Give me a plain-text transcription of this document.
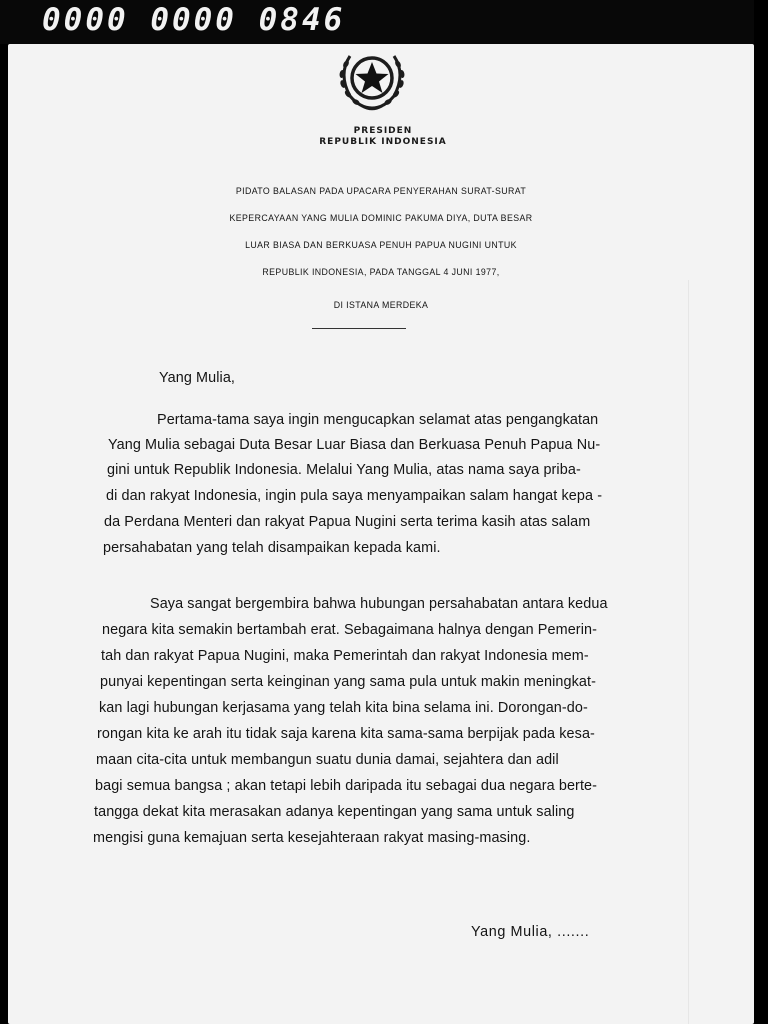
0000 0000 0846
PRESIDEN
REPUBLIK INDONESIA
PIDATO BALASAN PADA UPACARA PENYERAHAN SURAT-SURAT
KEPERCAYAAN YANG MULIA DOMINIC PAKUMA DIYA, DUTA BESAR
LUAR BIASA DAN BERKUASA PENUH PAPUA NUGINI UNTUK
REPUBLIK INDONESIA, PADA TANGGAL 4 JUNI 1977,
DI ISTANA MERDEKA
Yang Mulia,
Pertama-tama saya ingin mengucapkan selamat atas pengangkatan
Yang Mulia sebagai Duta Besar Luar Biasa dan Berkuasa Penuh Papua Nu-
gini untuk Republik Indonesia. Melalui Yang Mulia, atas nama saya priba-
di dan rakyat Indonesia, ingin pula saya menyampaikan salam hangat kepa -
da Perdana Menteri dan rakyat Papua Nugini serta terima kasih atas salam
persahabatan yang telah disampaikan kepada kami.
Saya sangat bergembira bahwa hubungan persahabatan antara kedua
negara kita semakin bertambah erat. Sebagaimana halnya dengan Pemerin-
tah dan rakyat Papua Nugini, maka Pemerintah dan rakyat Indonesia mem-
punyai kepentingan serta keinginan yang sama pula untuk makin meningkat-
kan lagi hubungan kerjasama yang telah kita bina selama ini. Dorongan-do-
rongan kita ke arah itu tidak saja karena kita sama-sama berpijak pada kesa-
maan cita-cita untuk membangun suatu dunia damai, sejahtera dan adil
bagi semua bangsa ; akan tetapi lebih daripada itu sebagai dua negara berte-
tangga dekat kita merasakan adanya kepentingan yang sama untuk saling
mengisi guna kemajuan serta kesejahteraan rakyat masing-masing.
Yang Mulia, .......
